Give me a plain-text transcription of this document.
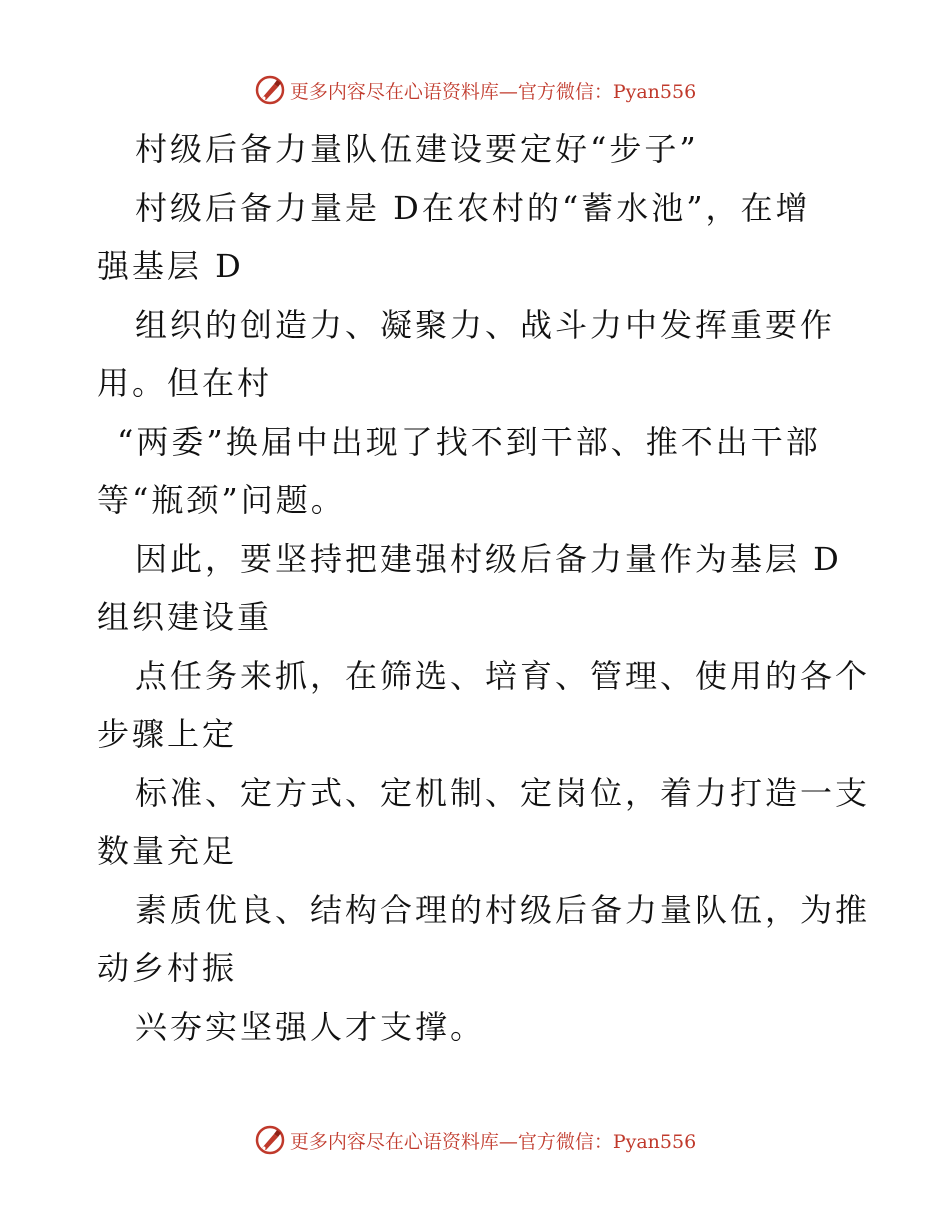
更多内容尽在心语资料库—官方微信：Pyan556
村级后备力量队伍建设要定好“步子”
村级后备力量是 D在农村的“蓄水池”，在增
强基层 D
组织的创造力、凝聚力、战斗力中发挥重要作
用。但在村
“两委”换届中出现了找不到干部、推不出干部
等“瓶颈”问题。
因此，要坚持把建强村级后备力量作为基层 D
组织建设重
点任务来抓，在筛选、培育、管理、使用的各个
步骤上定
标准、定方式、定机制、定岗位，着力打造一支
数量充足
素质优良、结构合理的村级后备力量队伍，为推
动乡村振
兴夯实坚强人才支撑。
更多内容尽在心语资料库—官方微信：Pyan556
